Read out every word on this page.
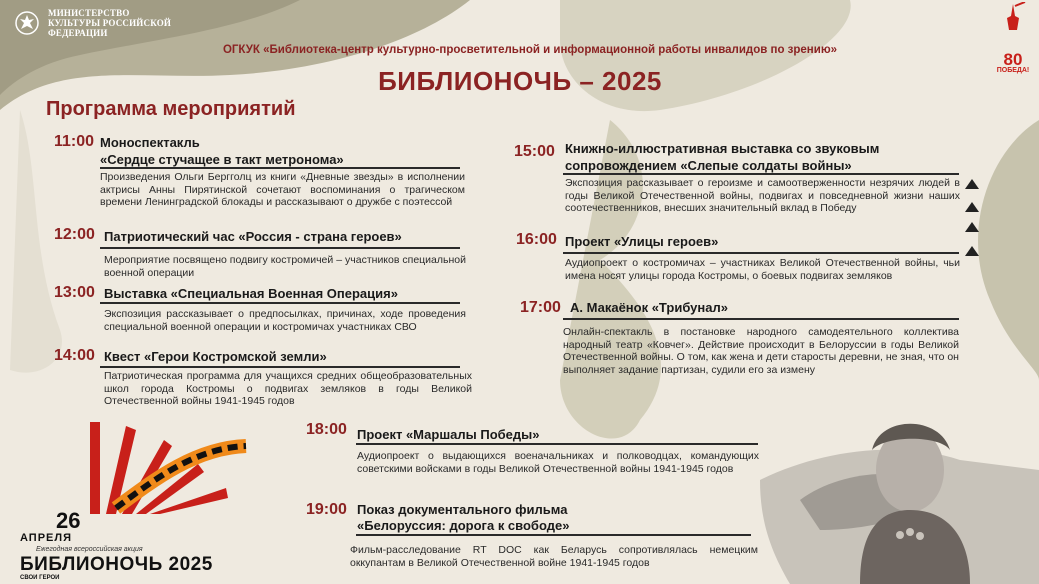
МИНИСТЕРСТВО КУЛЬТУРЫ РОССИЙСКОЙ ФЕДЕРАЦИИ
ОГКУК «Библиотека-центр культурно-просветительной и информационной работы инвалидов по зрению»
БИБЛИОНОЧЬ – 2025
80
ПОБЕДА!
Программа мероприятий
11:00 Моноспектакль
«Сердце стучащее в такт метронома»
Произведения Ольги Бергголц из книги «Дневные звезды» в исполнении актрисы Анны Пирятинской сочетают воспоминания о трагическом времени Ленинградской блокады и рассказывают о дружбе с поэтессой
12:00 Патриотический час «Россия - страна героев»
Мероприятие посвящено подвигу костромичей – участников специальной военной операции
13:00 Выставка «Специальная Военная Операция»
Экспозиция рассказывает о предпосылках, причинах, ходе проведения специальной военной операции и костромичах участниках СВО
14:00 Квест «Герои Костромской земли»
Патриотическая программа для учащихся средних общеобразовательных школ города Костромы о подвигах земляков в годы Великой Отечественной войны 1941-1945 годов
15:00 Книжно-иллюстративная выставка со звуковым
сопровождением «Слепые солдаты войны»
Экспозиция рассказывает о героизме и самоотверженности незрячих людей в годы Великой Отечественной войны, подвигах и повседневной жизни наших соотечественников, внесших значительный вклад в Победу
16:00 Проект «Улицы героев»
Аудиопроект о костромичах – участниках Великой Отечественной войны, чьи имена носят улицы города Костромы, о боевых подвигах земляков
17:00 А. Макаёнок «Трибунал»
Онлайн-спектакль в постановке народного самодеятельного коллектива народный театр «Ковчег». Действие происходит в Белоруссии в годы Великой Отечественной войны. О том, как жена и дети старосты деревни, не зная, что он выполняет задание партизан, судили его за измену
18:00 Проект «Маршалы Победы»
Аудиопроект о выдающихся военачальниках и полководцах, командующих советскими войсками в годы Великой Отечественной войны 1941-1945 годов
19:00 Показ документального фильма
«Белоруссия: дорога к свободе»
Фильм-расследование RT DOC как Беларусь сопротивлялась немецким оккупантам в Великой Отечественной войне 1941-1945 годов
26
АПРЕЛЯ
Ежегодная всероссийская акция
БИБЛИОНОЧЬ 2025
СВОИ ГЕРОИ
